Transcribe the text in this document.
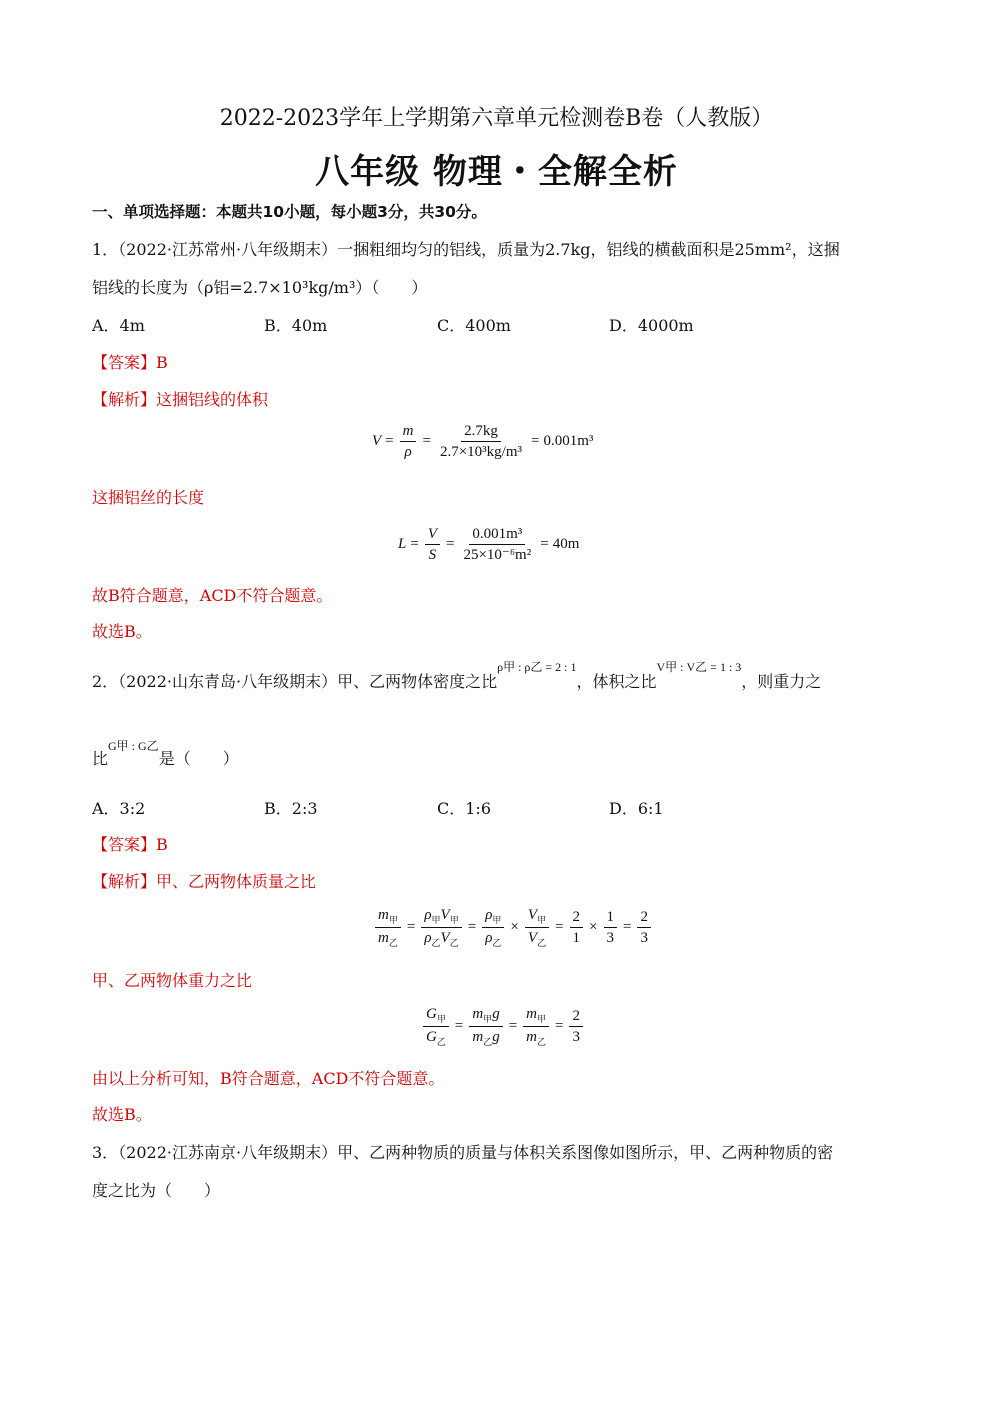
2022-2023学年上学期第六章单元检测卷B卷（人教版）
八年级 物理・全解全析
一、单项选择题：本题共10小题，每小题3分，共30分。
1．（2022·江苏常州·八年级期末）一捆粗细均匀的铝线，质量为2.7kg，铝线的横截面积是25mm²，这捆
铝线的长度为（ρ铝=2.7×10³kg/m³）（　　）
A．4m	B．40m	C．400m	D．4000m
【答案】B
【解析】这捆铝线的体积
$V = \frac{m}{\rho} = \frac{2.7kg}{\text{2.7×10³kg/m³}} = 0.001m^3$
这捆铝丝的长度
$L = \frac{V}{S} = \frac{\text{0.001m³}}{\text{25×10⁻⁶m²}} = 40m$
故B符合题意，ACD不符合题意。
故选B。
2．（2022·山东青岛·八年级期末）甲、乙两物体密度之比ρ甲 : ρ乙 = 2 : 1，体积之比V甲 : V乙 = 1 : 3，则重力之
比G甲 : G乙是（　　）
A．3:2	B．2:3	C．1:6	D．6:1
【答案】B
【解析】甲、乙两物体质量之比
$\frac{m_甲}{m_乙} = \frac{\rho_甲V_甲}{\rho_乙V_乙} = \frac{\rho_甲}{\rho_乙} \times \frac{V_甲}{V_乙} = \frac{2}{1} \times \frac{1}{3} = \frac{2}{3}$
甲、乙两物体重力之比
$\frac{G_甲}{G_乙} = \frac{m_甲g}{m_乙g} = \frac{m_甲}{m_乙} = \frac{2}{3}$
由以上分析可知，B符合题意，ACD不符合题意。
故选B。
3．（2022·江苏南京·八年级期末）甲、乙两种物质的质量与体积关系图像如图所示，甲、乙两种物质的密
度之比为（　　）
